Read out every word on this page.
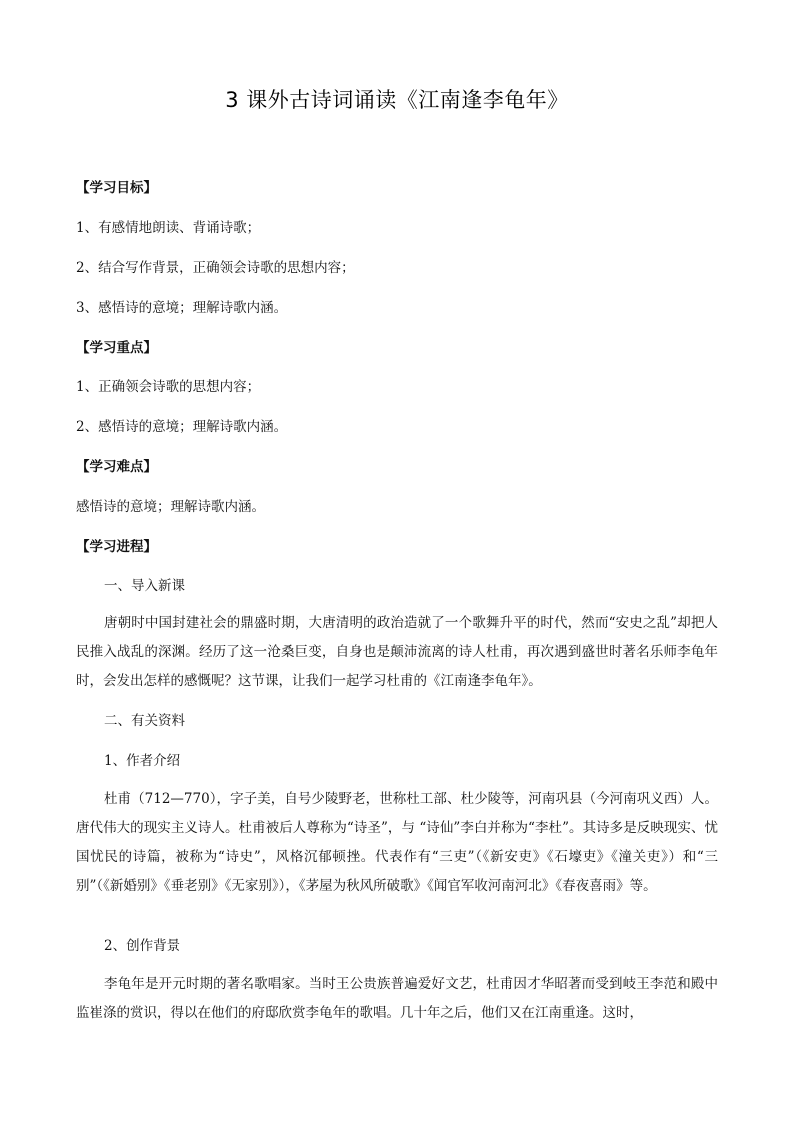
3 课外古诗词诵读《江南逢李龟年》
【学习目标】
1、有感情地朗读、背诵诗歌；
2、结合写作背景，正确领会诗歌的思想内容；
3、感悟诗的意境；理解诗歌内涵。
【学习重点】
1、正确领会诗歌的思想内容；
2、感悟诗的意境；理解诗歌内涵。
【学习难点】
感悟诗的意境；理解诗歌内涵。
【学习进程】
一、导入新课
唐朝时中国封建社会的鼎盛时期，大唐清明的政治造就了一个歌舞升平的时代，然而“安史之乱”却把人民推入战乱的深渊。经历了这一沧桑巨变，自身也是颠沛流离的诗人杜甫，再次遇到盛世时著名乐师李龟年时，会发出怎样的感慨呢？这节课，让我们一起学习杜甫的《江南逢李龟年》。
二、有关资料
1、作者介绍
杜甫（712—770），字子美，自号少陵野老，世称杜工部、杜少陵等，河南巩县（今河南巩义西）人。唐代伟大的现实主义诗人。杜甫被后人尊称为“诗圣”，与 “诗仙”李白并称为“李杜”。其诗多是反映现实、忧国忧民的诗篇，被称为“诗史”，风格沉郁顿挫。代表作有“三吏”（《新安吏》《石壕吏》《潼关吏》）和“三别”（《新婚别》《垂老别》《无家别》），《茅屋为秋风所破歌》《闻官军收河南河北》《春夜喜雨》等。
2、创作背景
李龟年是开元时期的著名歌唱家。当时王公贵族普遍爱好文艺，杜甫因才华昭著而受到岐王李范和殿中监崔涤的赏识，得以在他们的府邸欣赏李龟年的歌唱。几十年之后，他们又在江南重逢。这时，
